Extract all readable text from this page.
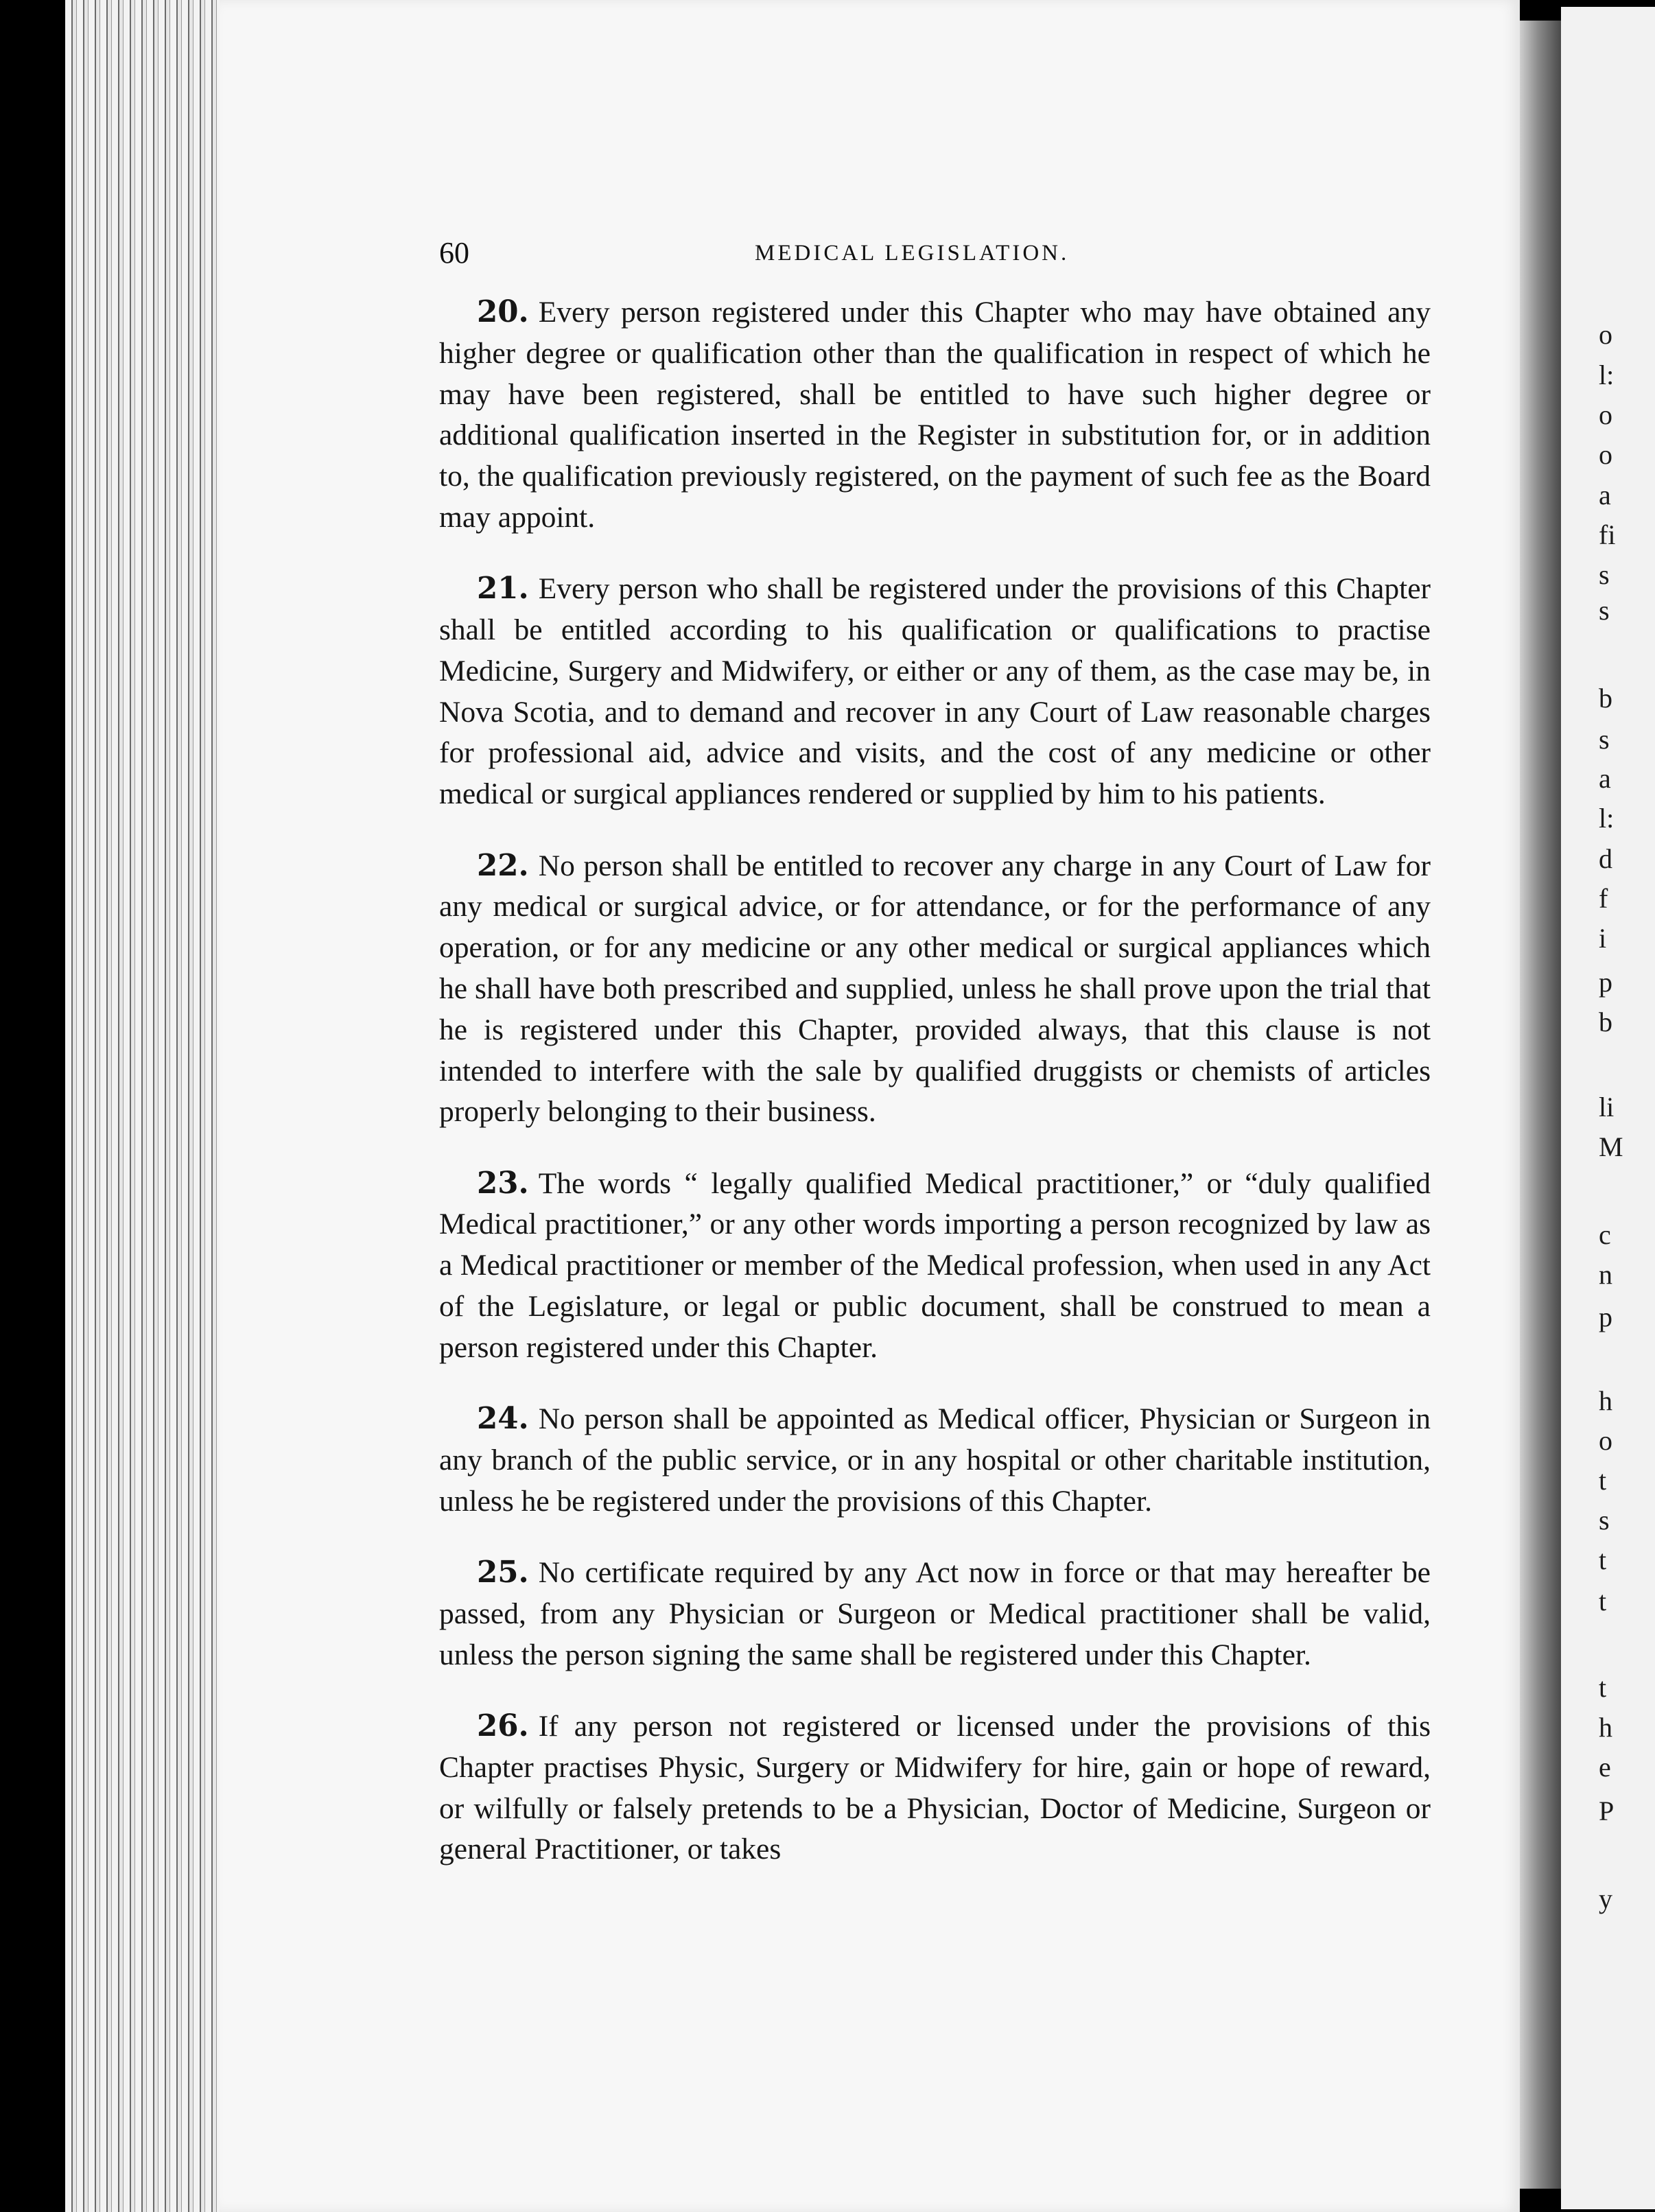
60	MEDICAL LEGISLATION.

20. Every person registered under this Chapter who may have obtained any higher degree or qualification other than the qualification in respect of which he may have been registered, shall be entitled to have such higher degree or additional qualification inserted in the Register in substitution for, or in addition to, the qualification previously registered, on the payment of such fee as the Board may appoint.

21. Every person who shall be registered under the provisions of this Chapter shall be entitled according to his qualification or qualifications to practise Medicine, Surgery and Midwifery, or either or any of them, as the case may be, in Nova Scotia, and to demand and recover in any Court of Law reasonable charges for professional aid, advice and visits, and the cost of any medicine or other medical or surgical appliances rendered or supplied by him to his patients.

22. No person shall be entitled to recover any charge in any Court of Law for any medical or surgical advice, or for attendance, or for the performance of any operation, or for any medicine or any other medical or surgical appliances which he shall have both prescribed and supplied, unless he shall prove upon the trial that he is registered under this Chapter, provided always, that this clause is not intended to interfere with the sale by qualified druggists or chemists of articles properly belonging to their business.

23. The words “ legally qualified Medical practitioner,” or “duly qualified Medical practitioner,” or any other words importing a person recognized by law as a Medical practitioner or member of the Medical profession, when used in any Act of the Legislature, or legal or public document, shall be construed to mean a person registered under this Chapter.

24. No person shall be appointed as Medical officer, Physician or Surgeon in any branch of the public service, or in any hospital or other charitable institution, unless he be registered under the provisions of this Chapter.

25. No certificate required by any Act now in force or that may hereafter be passed, from any Physician or Surgeon or Medical practitioner shall be valid, unless the person signing the same shall be registered under this Chapter.

26. If any person not registered or licensed under the provisions of this Chapter practises Physic, Surgery or Midwifery for hire, gain or hope of reward, or wilfully or falsely pretends to be a Physician, Doctor of Medicine, Surgeon or general Practitioner, or takes

o
l:
o
o
a
fi
s
s
b
s
a
l:
d
f
i
p
b
li
M
c
n
p
h
o
t
s
t
t
t
h
e
P
y
